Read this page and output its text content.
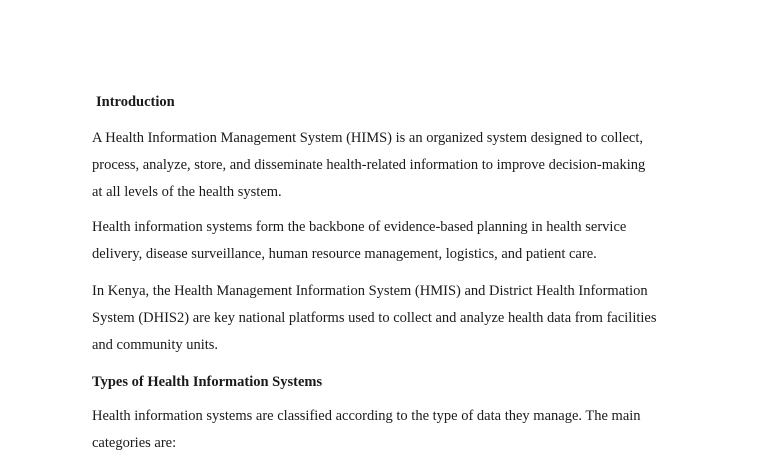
Introduction

A Health Information Management System (HIMS) is an organized system designed to collect,
process, analyze, store, and disseminate health-related information to improve decision-making
at all levels of the health system.

Health information systems form the backbone of evidence-based planning in health service
delivery, disease surveillance, human resource management, logistics, and patient care.

In Kenya, the Health Management Information System (HMIS) and District Health Information
System (DHIS2) are key national platforms used to collect and analyze health data from facilities
and community units.

Types of Health Information Systems

Health information systems are classified according to the type of data they manage. The main
categories are:
